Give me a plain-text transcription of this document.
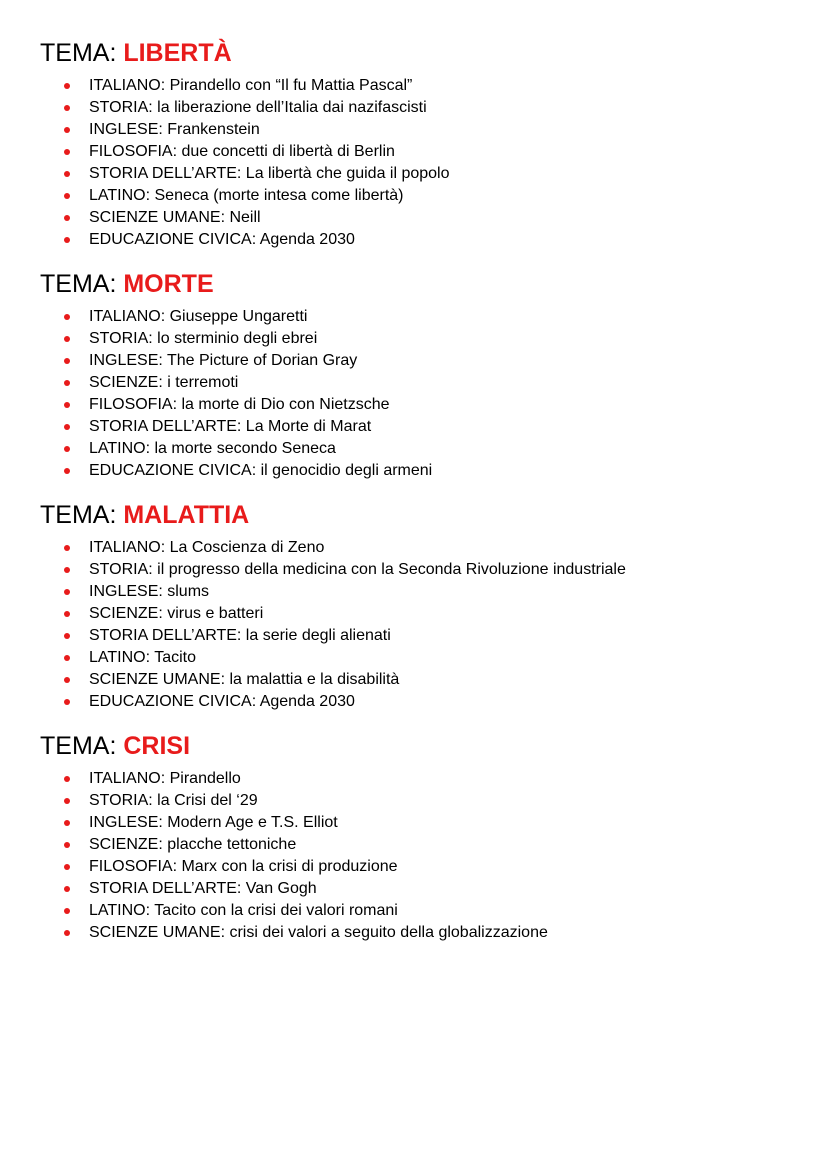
TEMA: LIBERTÀ
ITALIANO: Pirandello con “Il fu Mattia Pascal”
STORIA: la liberazione dell’Italia dai nazifascisti
INGLESE: Frankenstein
FILOSOFIA: due concetti di libertà di Berlin
STORIA DELL’ARTE: La libertà che guida il popolo
LATINO: Seneca (morte intesa come libertà)
SCIENZE UMANE: Neill
EDUCAZIONE CIVICA: Agenda 2030
TEMA: MORTE
ITALIANO: Giuseppe Ungaretti
STORIA: lo sterminio degli ebrei
INGLESE: The Picture of Dorian Gray
SCIENZE: i terremoti
FILOSOFIA: la morte di Dio con Nietzsche
STORIA DELL’ARTE: La Morte di Marat
LATINO: la morte secondo Seneca
EDUCAZIONE CIVICA: il genocidio degli armeni
TEMA: MALATTIA
ITALIANO: La Coscienza di Zeno
STORIA: il progresso della medicina con la Seconda Rivoluzione industriale
INGLESE: slums
SCIENZE: virus e batteri
STORIA DELL’ARTE: la serie degli alienati
LATINO: Tacito
SCIENZE UMANE: la malattia e la disabilità
EDUCAZIONE CIVICA: Agenda 2030
TEMA: CRISI
ITALIANO: Pirandello
STORIA: la Crisi del ‘29
INGLESE: Modern Age e T.S. Elliot
SCIENZE: placche tettoniche
FILOSOFIA: Marx con la crisi di produzione
STORIA DELL’ARTE: Van Gogh
LATINO: Tacito con la crisi dei valori romani
SCIENZE UMANE: crisi dei valori a seguito della globalizzazione
